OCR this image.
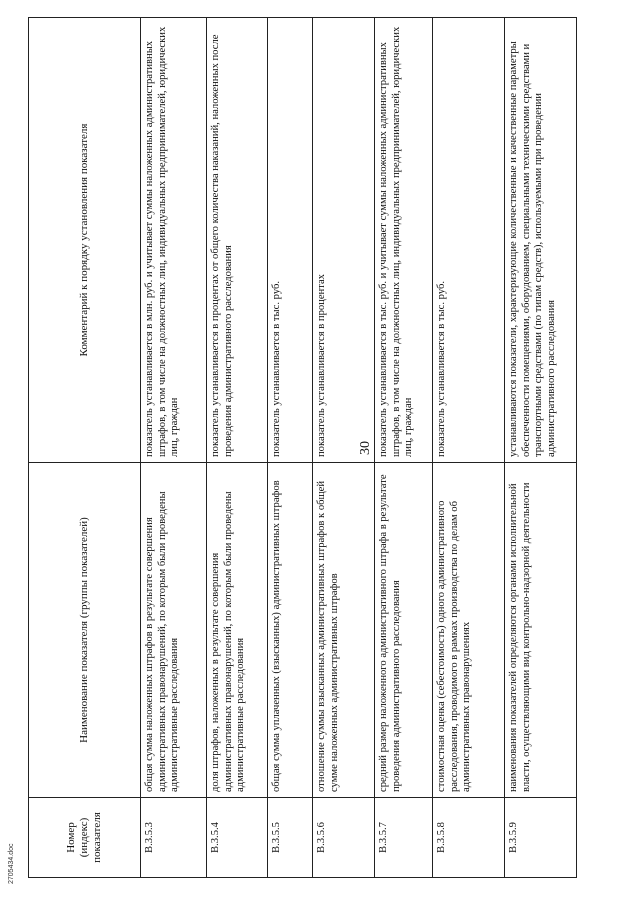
Номер (индекс) показателя	Наименование показателя (группы показателей)	Комментарий к порядку установления показателя
В.3.5.3	общая сумма наложенных штрафов в результате совершения административных правонарушений, по которым были проведены административные расследования	показатель устанавливается в млн. руб. и учитывает суммы наложенных административных штрафов, в том числе на должностных лиц, индивидуальных предпринимателей, юридических лиц, граждан
В.3.5.4	доля штрафов, наложенных в результате совершения административных правонарушений, по которым были проведены административные расследования	показатель устанавливается в процентах от общего количества наказаний, наложенных после проведения административного расследования
В.3.5.5	общая сумма уплаченных (взысканных) административных штрафов	показатель устанавливается в тыс. руб.
В.3.5.6	отношение суммы взысканных административных штрафов к общей сумме наложенных административных штрафов	показатель устанавливается в процентах
В.3.5.7	средний размер наложенного административного штрафа в результате проведения административного расследования	показатель устанавливается в тыс. руб. и учитывает суммы наложенных административных штрафов, в том числе на должностных лиц, индивидуальных предпринимателей, юридических лиц, граждан
В.3.5.8	стоимостная оценка (себестоимость) одного административного расследования, проводимого в рамках производства по делам об административных правонарушениях	показатель устанавливается в тыс. руб.
В.3.5.9	наименования показателей определяются органами исполнительной власти, осуществляющими вид контрольно-надзорной деятельности	устанавливаются показатели, характеризующие количественные и качественные параметры обеспеченности помещениями, оборудованием, специальными техническими средствами и транспортными средствами (по типам средств), используемыми при проведении административного расследования
30
2705434.doc
